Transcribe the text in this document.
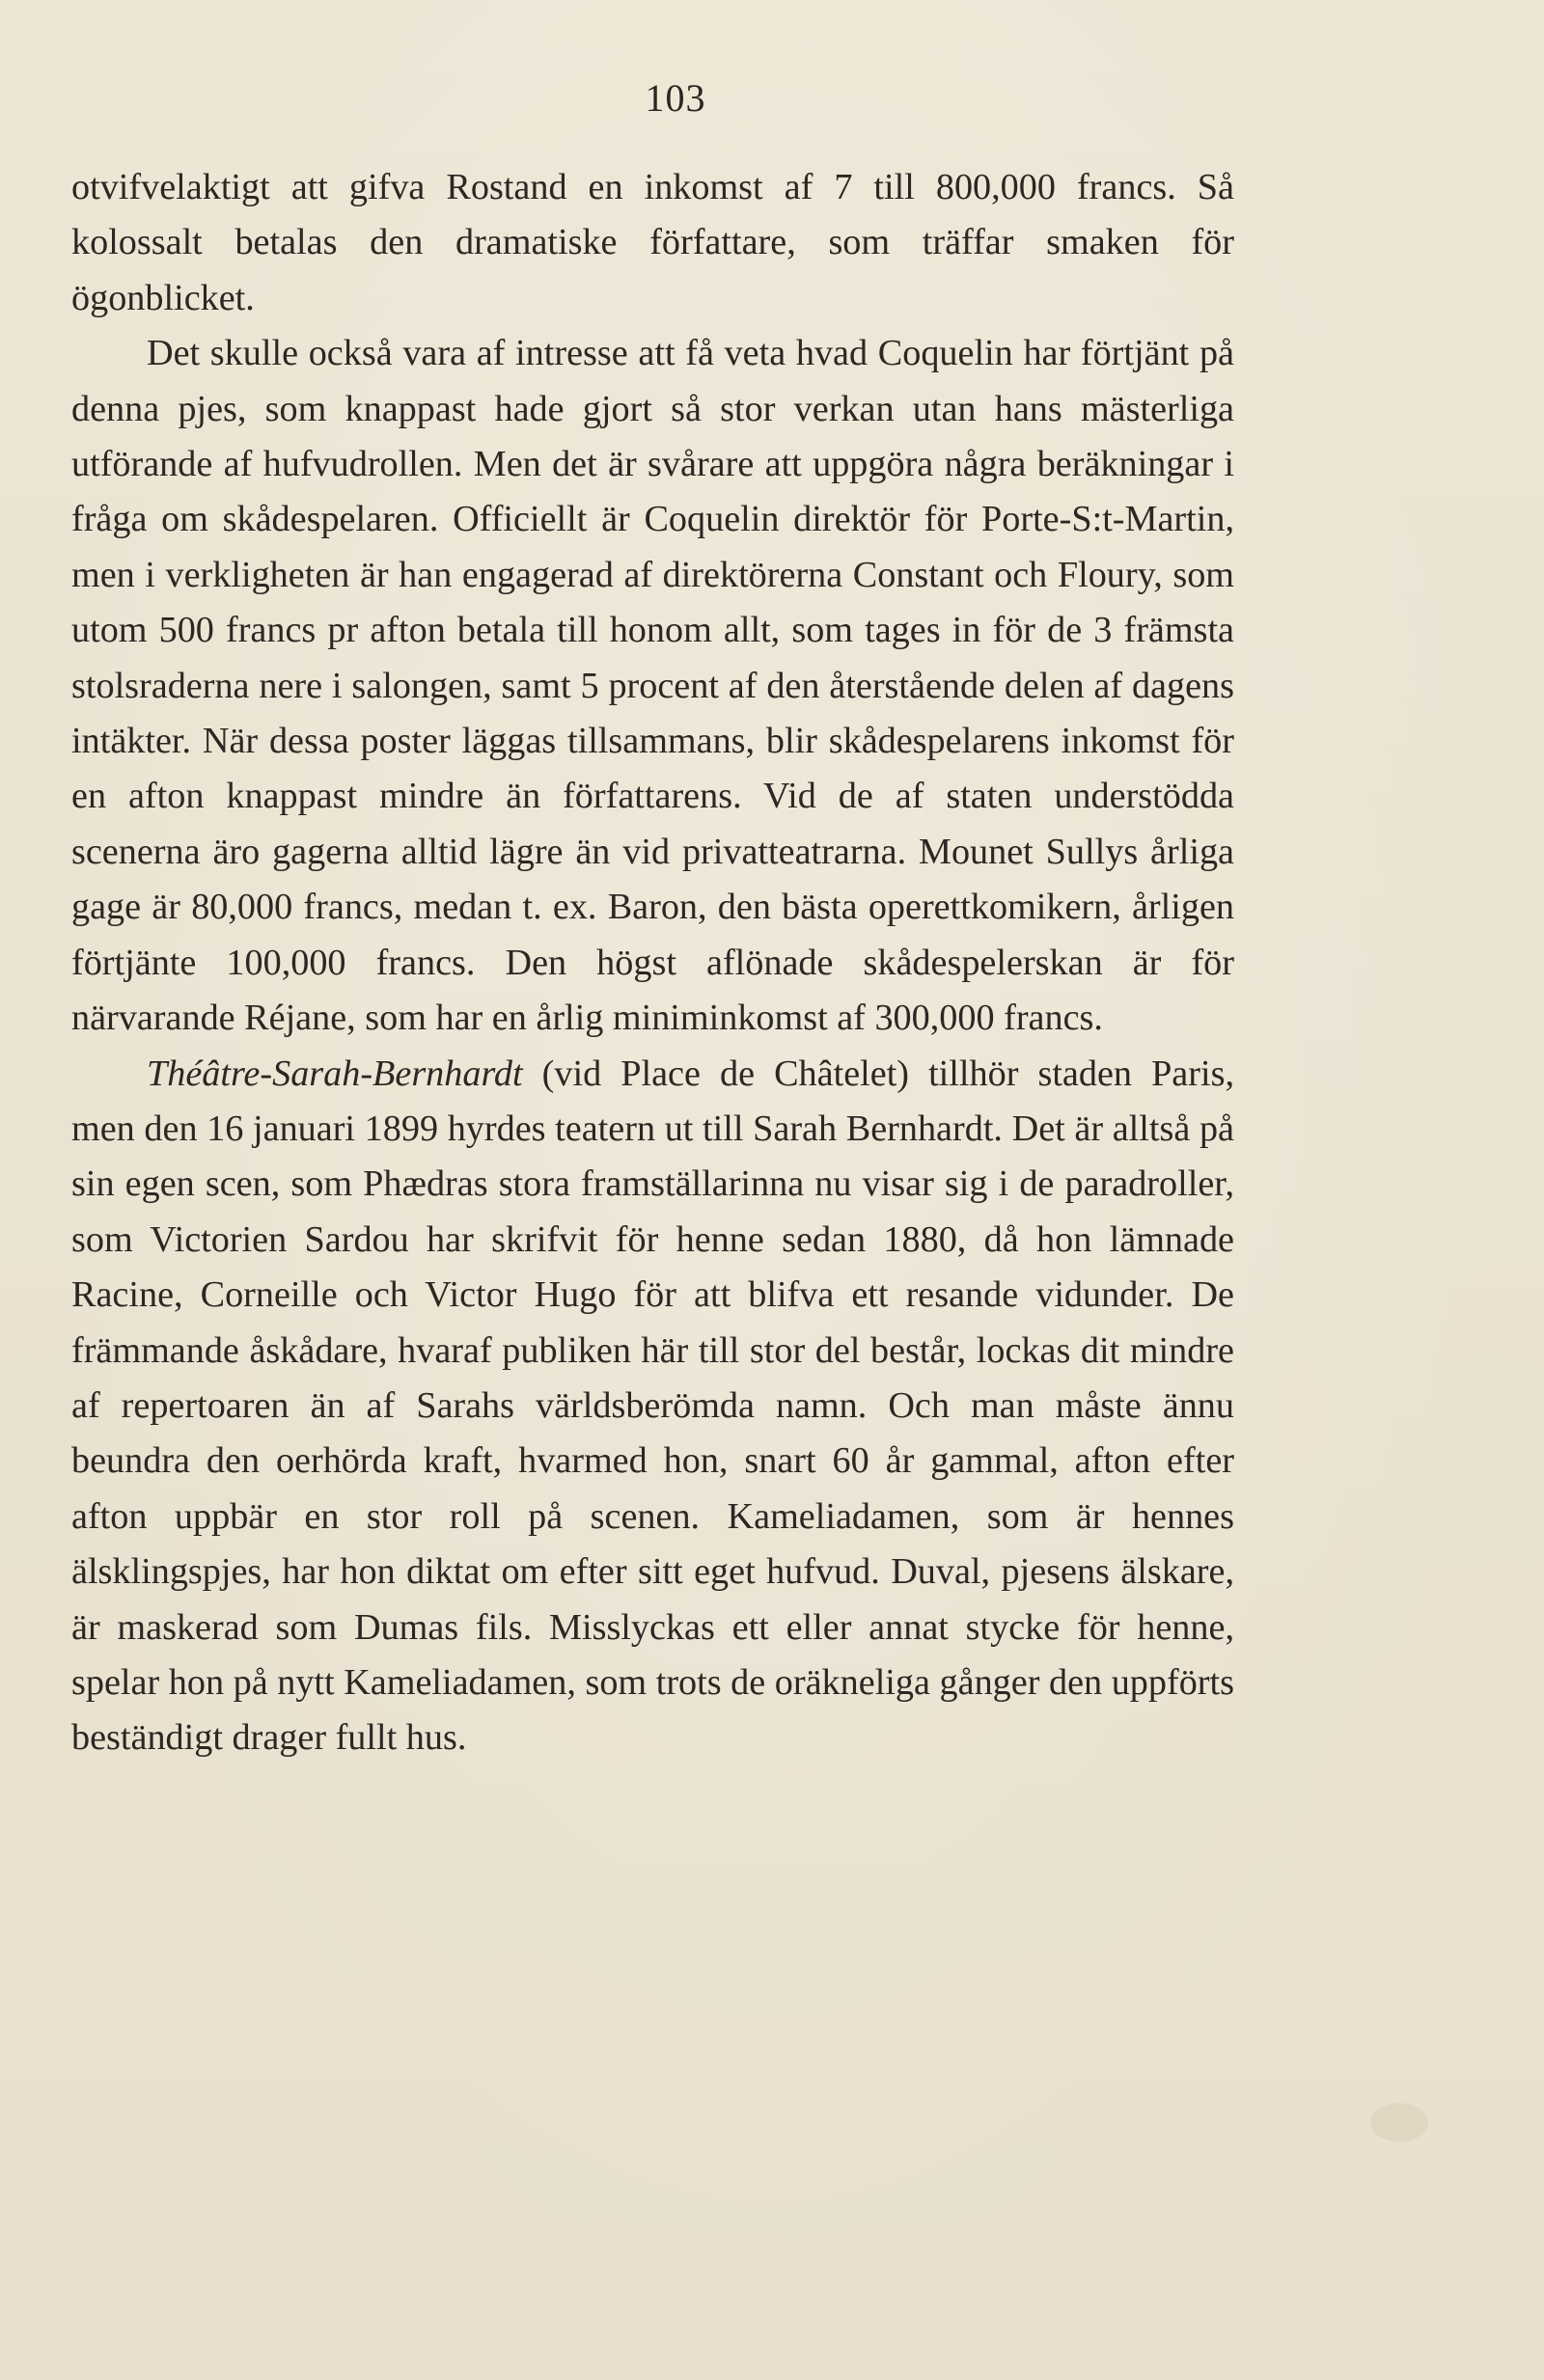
103

otvifvelaktigt att gifva Rostand en inkomst af 7 till 800,000 francs. Så kolossalt betalas den dramatiske författare, som träffar smaken för ögonblicket.

Det skulle också vara af intresse att få veta hvad Coquelin har förtjänt på denna pjes, som knappast hade gjort så stor verkan utan hans mästerliga utförande af hufvudrollen. Men det är svårare att uppgöra några beräkningar i fråga om skådespelaren. Officiellt är Coquelin direktör för Porte-S:t-Martin, men i verkligheten är han engagerad af direktörerna Constant och Floury, som utom 500 francs pr afton betala till honom allt, som tages in för de 3 främsta stolsraderna nere i salongen, samt 5 procent af den återstående delen af dagens intäkter. När dessa poster läggas tillsammans, blir skådespelarens inkomst för en afton knappast mindre än författarens. Vid de af staten understödda scenerna äro gagerna alltid lägre än vid privatteatrarna. Mounet Sullys årliga gage är 80,000 francs, medan t. ex. Baron, den bästa operettkomikern, årligen förtjänte 100,000 francs. Den högst aflönade skådespelerskan är för närvarande Réjane, som har en årlig miniminkomst af 300,000 francs.

Théâtre-Sarah-Bernhardt (vid Place de Châtelet) tillhör staden Paris, men den 16 januari 1899 hyrdes teatern ut till Sarah Bernhardt. Det är alltså på sin egen scen, som Phædras stora framställarinna nu visar sig i de paradroller, som Victorien Sardou har skrifvit för henne sedan 1880, då hon lämnade Racine, Corneille och Victor Hugo för att blifva ett resande vidunder. De främmande åskådare, hvaraf publiken här till stor del består, lockas dit mindre af repertoaren än af Sarahs världsberömda namn. Och man måste ännu beundra den oerhörda kraft, hvarmed hon, snart 60 år gammal, afton efter afton uppbär en stor roll på scenen. Kameliadamen, som är hennes älsklingspjes, har hon diktat om efter sitt eget hufvud. Duval, pjesens älskare, är maskerad som Dumas fils. Misslyckas ett eller annat stycke för henne, spelar hon på nytt Kameliadamen, som trots de oräkneliga gånger den uppförts beständigt drager fullt hus.
